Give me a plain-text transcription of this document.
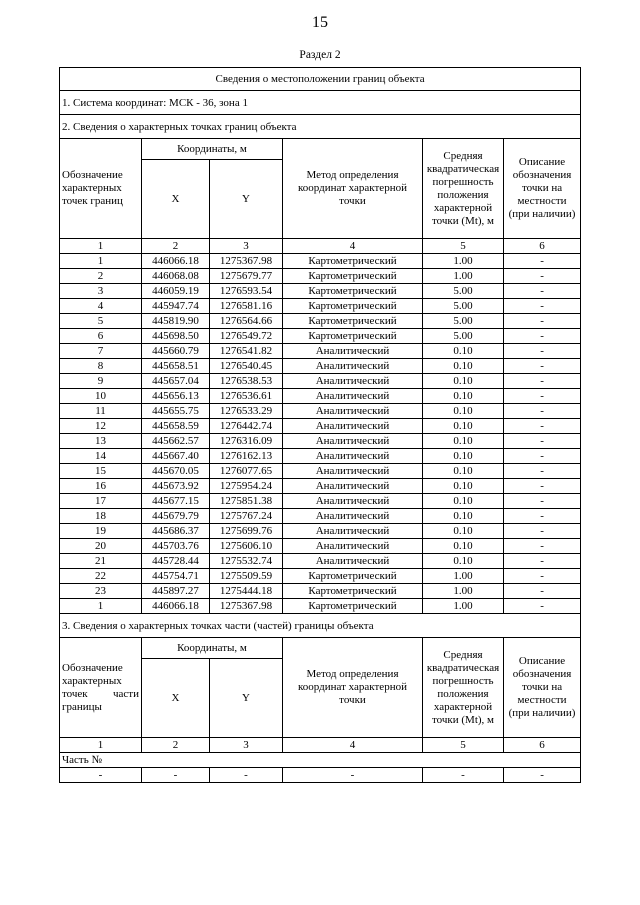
15
Раздел 2
Сведения о местоположении границ объекта					
1. Система координат: МСК - 36, зона 1					
2. Сведения о характерных точках границ объекта					
Обозначение характерных точек границ	Координаты, м		Метод определения координат характерной точки	Средняя квадратическая погрешность положения характерной точки (Mt), м	Описание обозначения точки на местности (при наличии)
	X	Y			
1	2	3	4	5	6
1	446066.18	1275367.98	Картометрический	1.00	-
2	446068.08	1275679.77	Картометрический	1.00	-
3	446059.19	1276593.54	Картометрический	5.00	-
4	445947.74	1276581.16	Картометрический	5.00	-
5	445819.90	1276564.66	Картометрический	5.00	-
6	445698.50	1276549.72	Картометрический	5.00	-
7	445660.79	1276541.82	Аналитический	0.10	-
8	445658.51	1276540.45	Аналитический	0.10	-
9	445657.04	1276538.53	Аналитический	0.10	-
10	445656.13	1276536.61	Аналитический	0.10	-
11	445655.75	1276533.29	Аналитический	0.10	-
12	445658.59	1276442.74	Аналитический	0.10	-
13	445662.57	1276316.09	Аналитический	0.10	-
14	445667.40	1276162.13	Аналитический	0.10	-
15	445670.05	1276077.65	Аналитический	0.10	-
16	445673.92	1275954.24	Аналитический	0.10	-
17	445677.15	1275851.38	Аналитический	0.10	-
18	445679.79	1275767.24	Аналитический	0.10	-
19	445686.37	1275699.76	Аналитический	0.10	-
20	445703.76	1275606.10	Аналитический	0.10	-
21	445728.44	1275532.74	Аналитический	0.10	-
22	445754.71	1275509.59	Картометрический	1.00	-
23	445897.27	1275444.18	Картометрический	1.00	-
1	446066.18	1275367.98	Картометрический	1.00	-
3. Сведения о характерных точках части (частей) границы объекта					
Обозначение характерных точек части границы	Координаты, м		Метод определения координат характерной точки	Средняя квадратическая погрешность положения характерной точки (Mt), м	Описание обозначения точки на местности (при наличии)
	X	Y			
1	2	3	4	5	6
Часть №					
-	-	-	-	-	-
